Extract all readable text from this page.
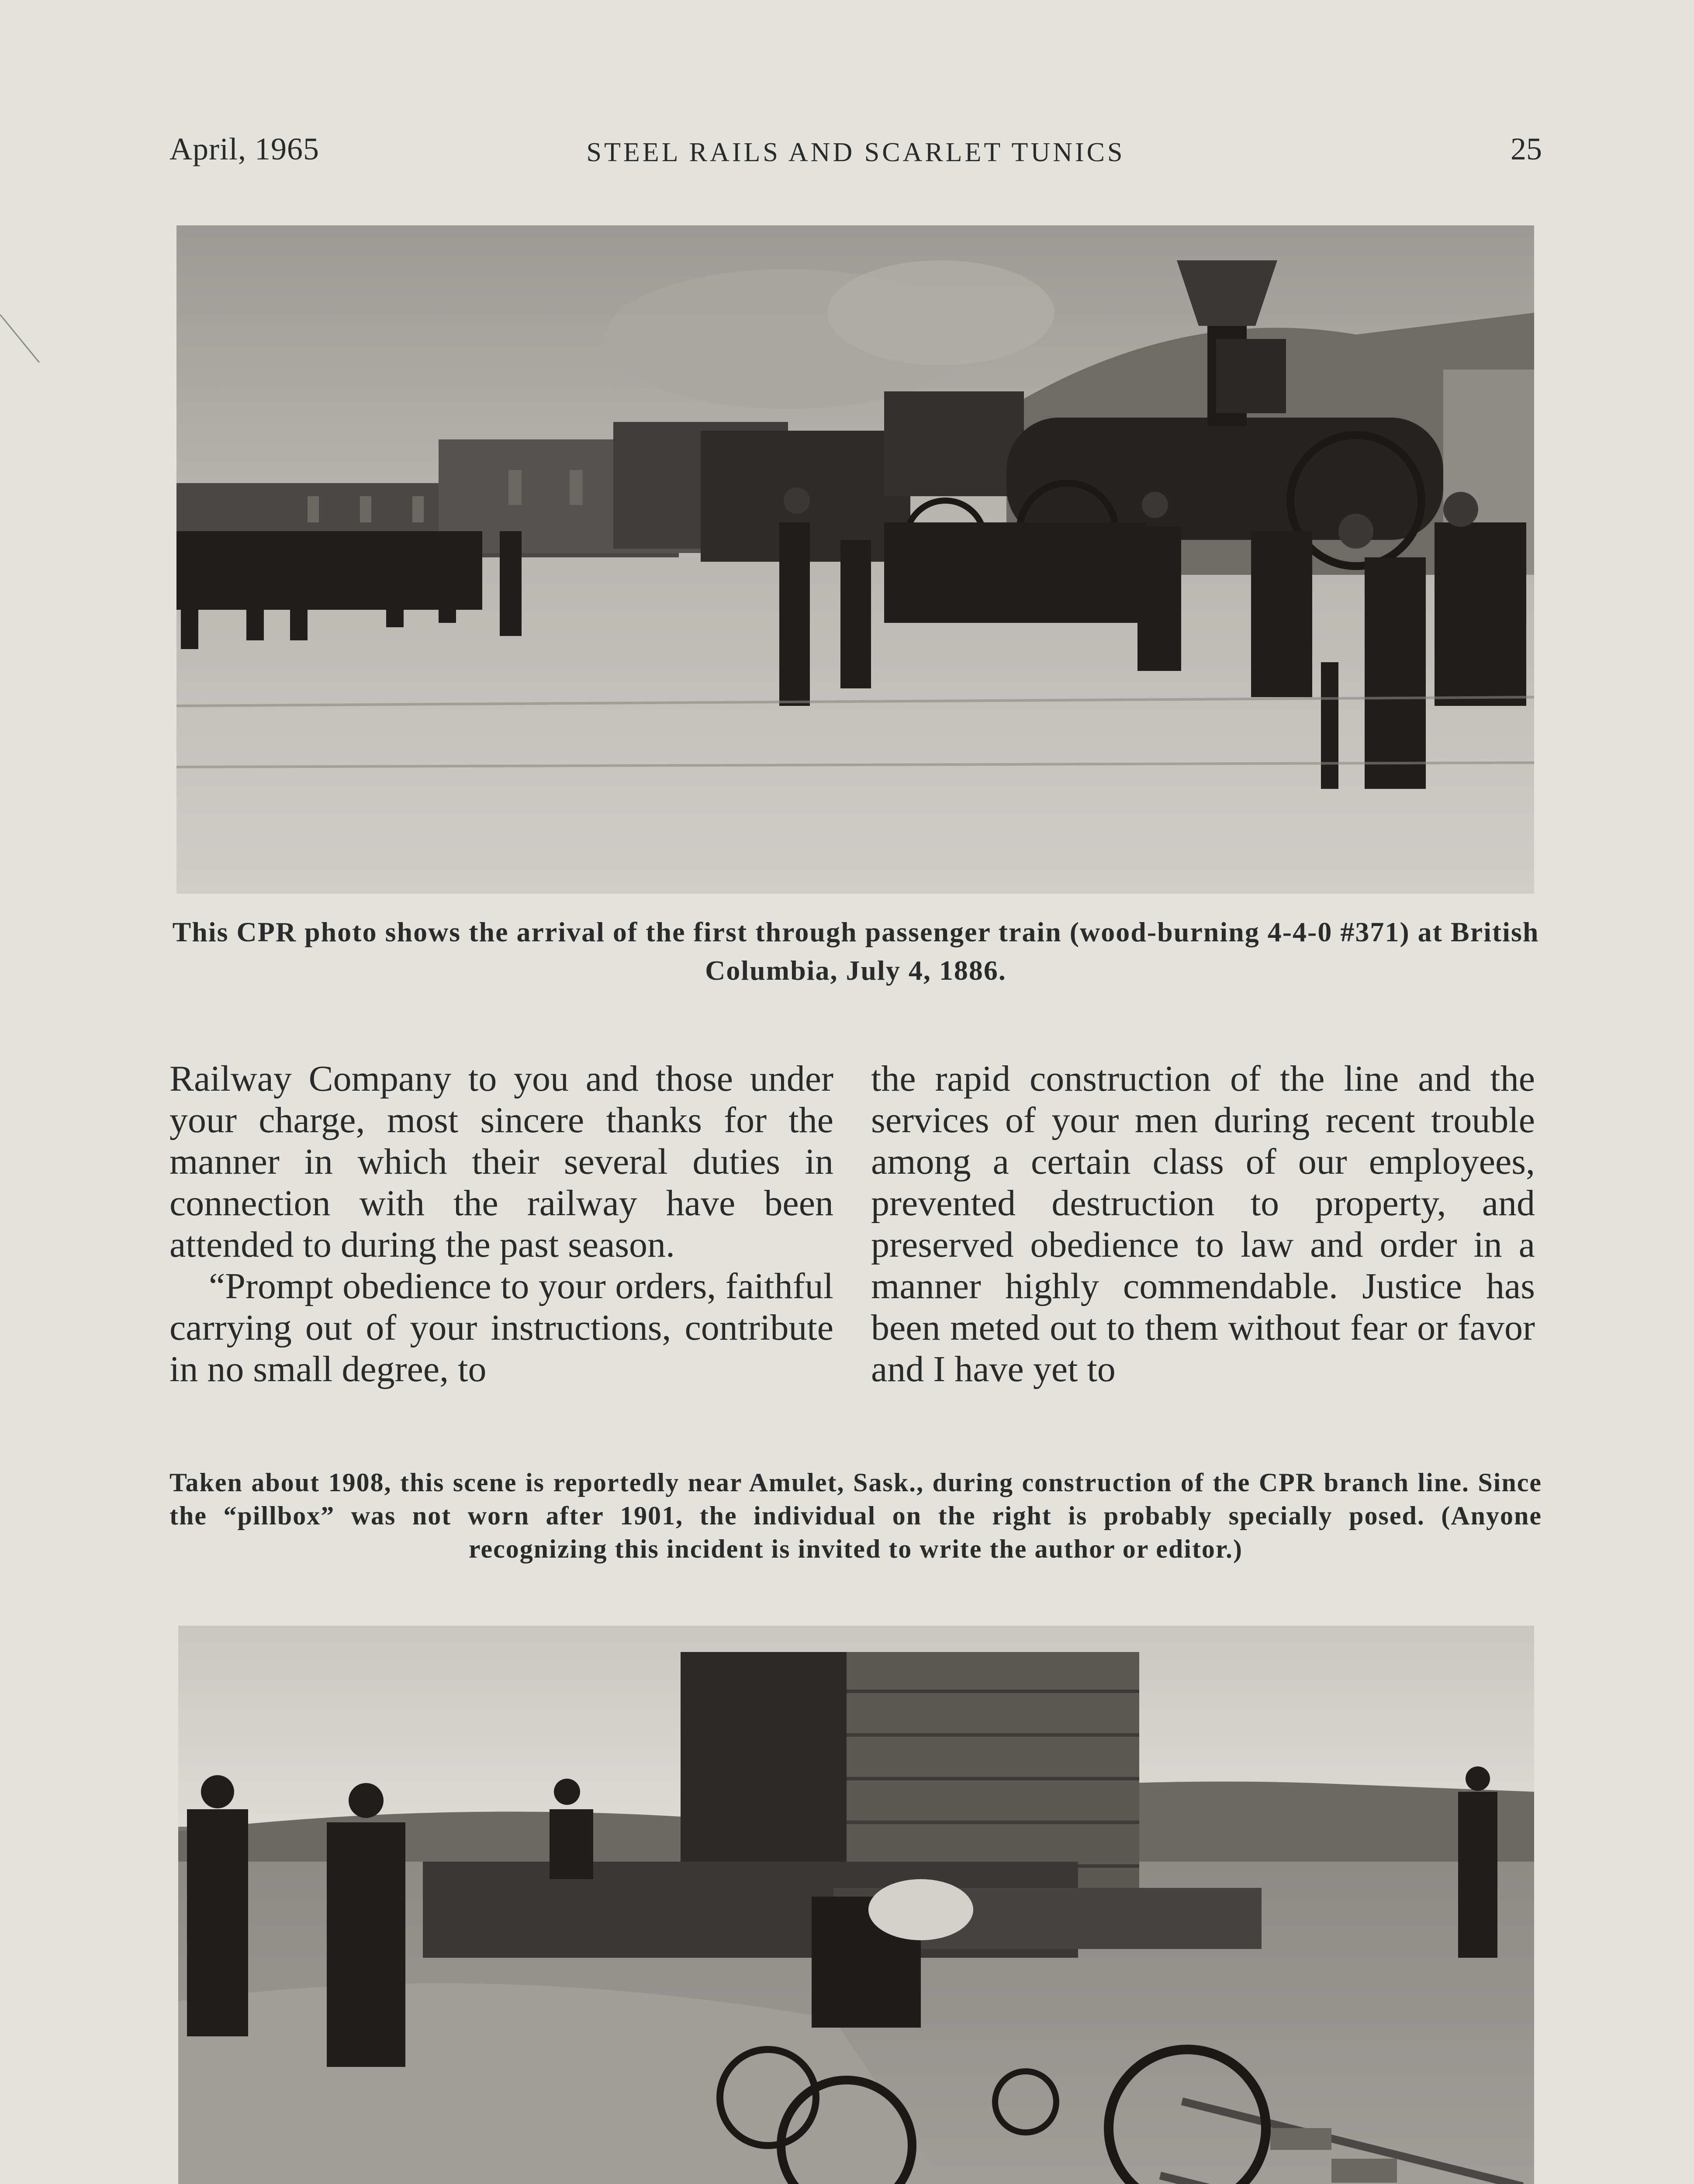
April, 1965	STEEL RAILS AND SCARLET TUNICS	25
This CPR photo shows the arrival of the first through passenger train (wood-burning 4-4-0 #371) at British Columbia, July 4, 1886.

Railway Company to you and those under your charge, most sincere thanks for the manner in which their several duties in connection with the railway have been attended to during the past season.

“Prompt obedience to your orders, faithful carrying out of your instructions, contribute in no small degree, to

the rapid construction of the line and the services of your men during recent trouble among a certain class of our employees, prevented destruction to property, and preserved obedience to law and order in a manner highly commendable. Justice has been meted out to them without fear or favor and I have yet to

Taken about 1908, this scene is reportedly near Amulet, Sask., during construction of the CPR branch line. Since the “pillbox” was not worn after 1901, the individual on the right is probably specially posed. (Anyone recognizing this incident is invited to write the author or editor.)
